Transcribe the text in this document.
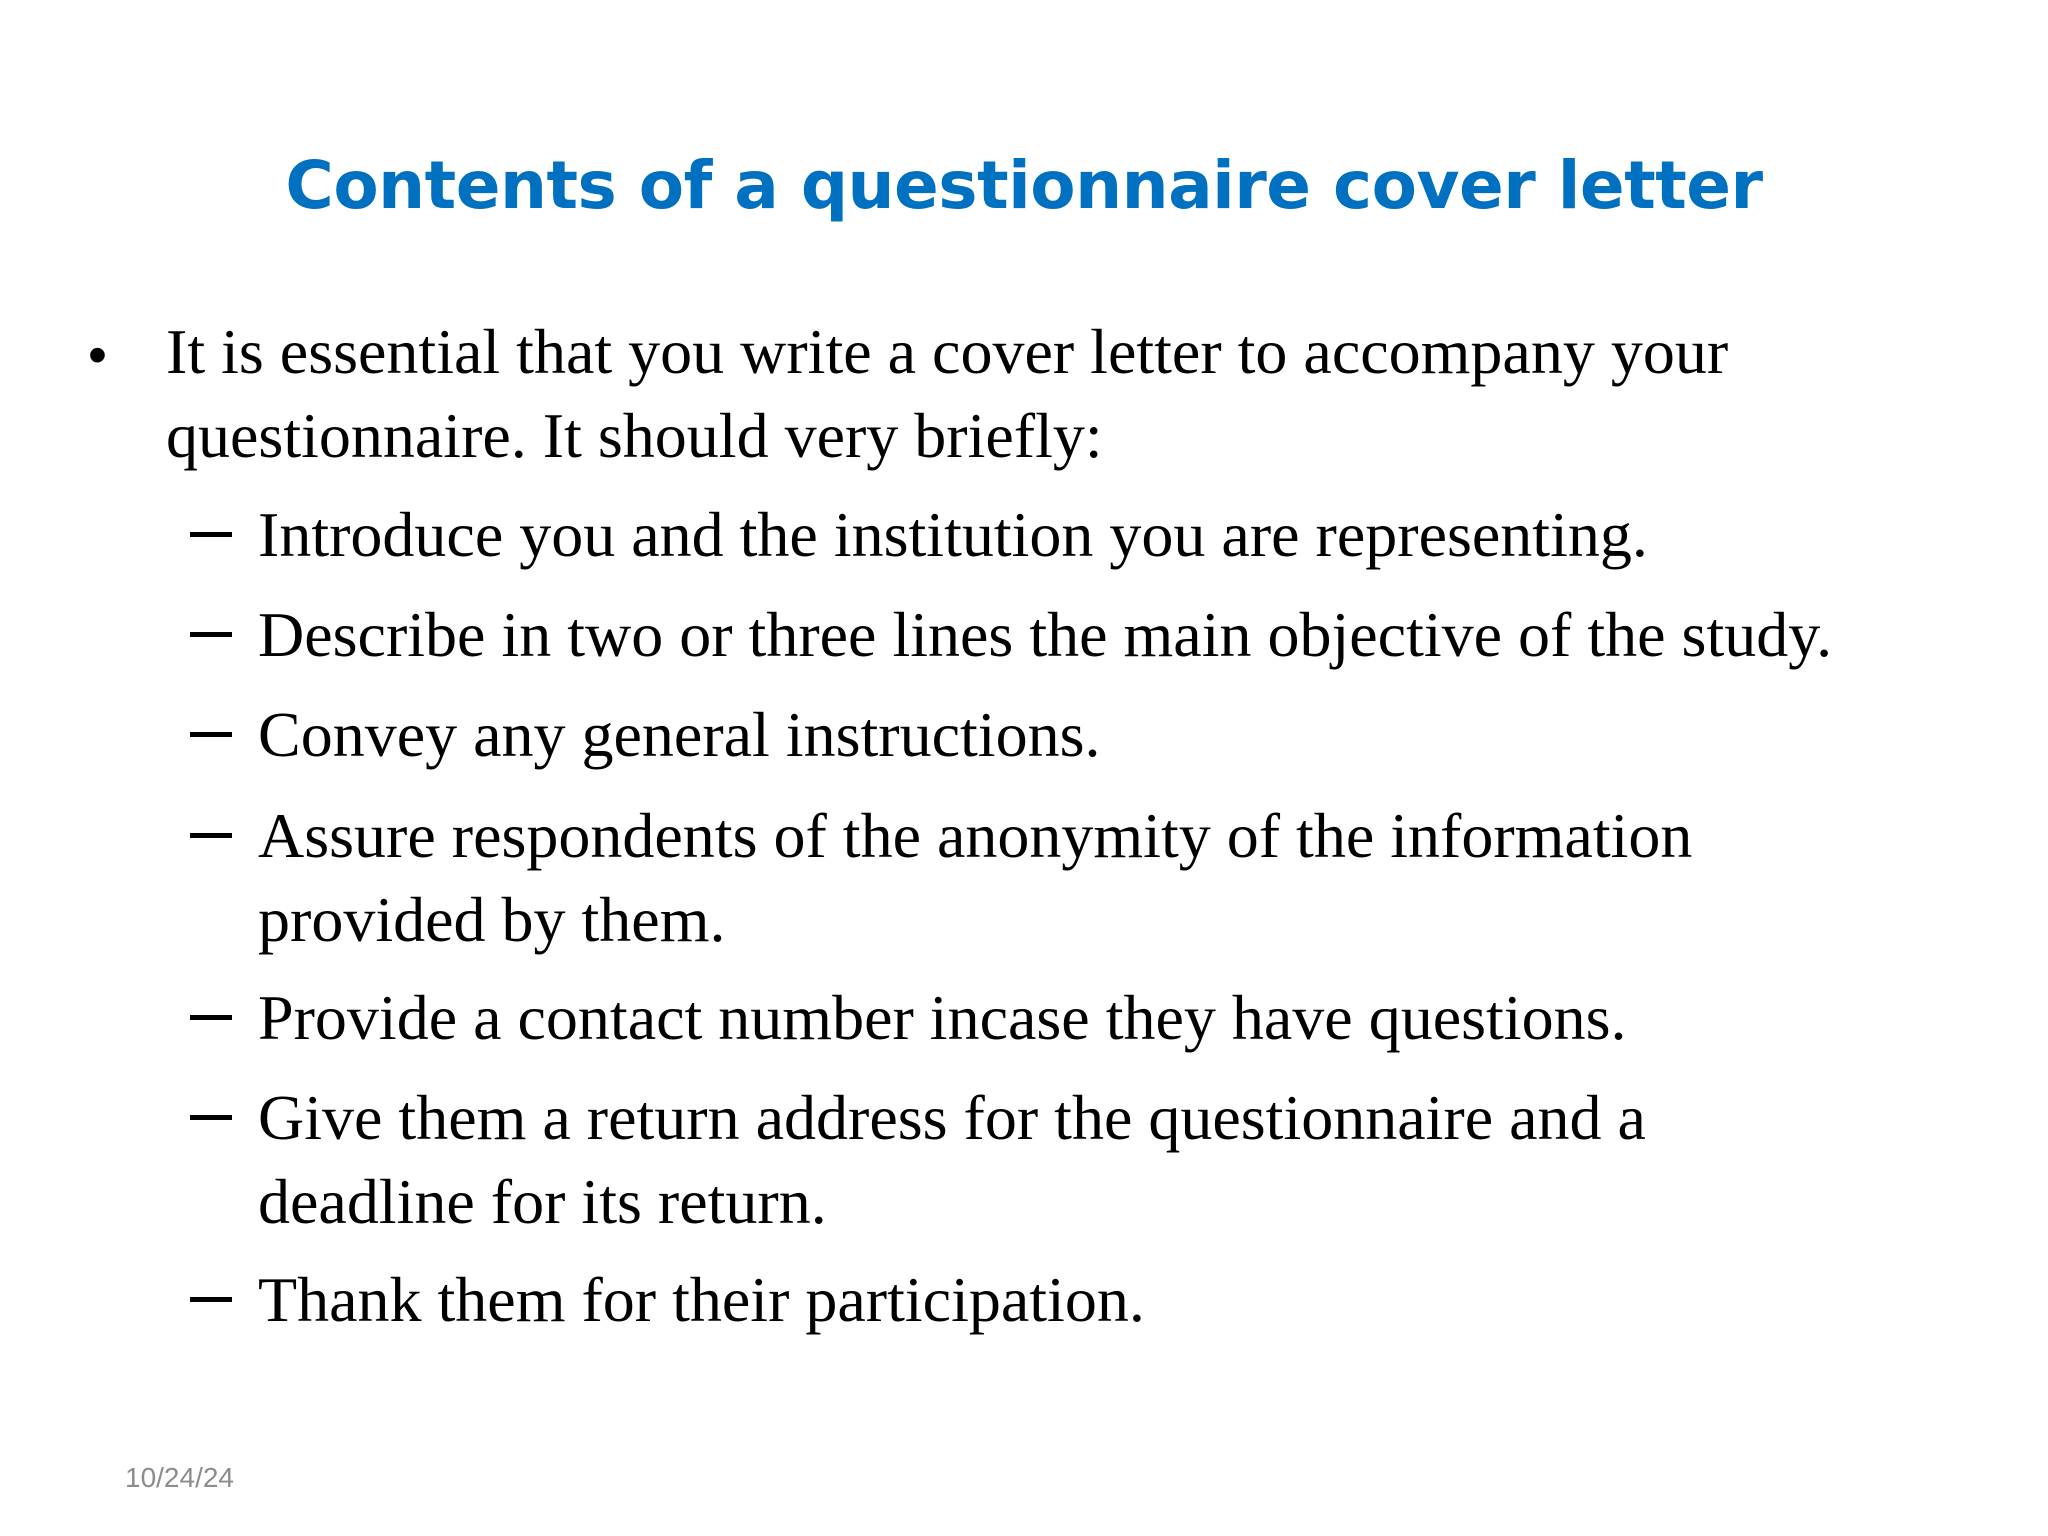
Contents of a questionnaire cover letter
• It is essential that you write a cover letter to accompany your
questionnaire. It should very briefly:
Introduce you and the institution you are representing.
Describe in two or three lines the main objective of the study.
Convey any general instructions.
Assure respondents of the anonymity of the information
provided by them.
Provide a contact number incase they have questions.
Give them a return address for the questionnaire and a
deadline for its return.
Thank them for their participation.
10/24/24
